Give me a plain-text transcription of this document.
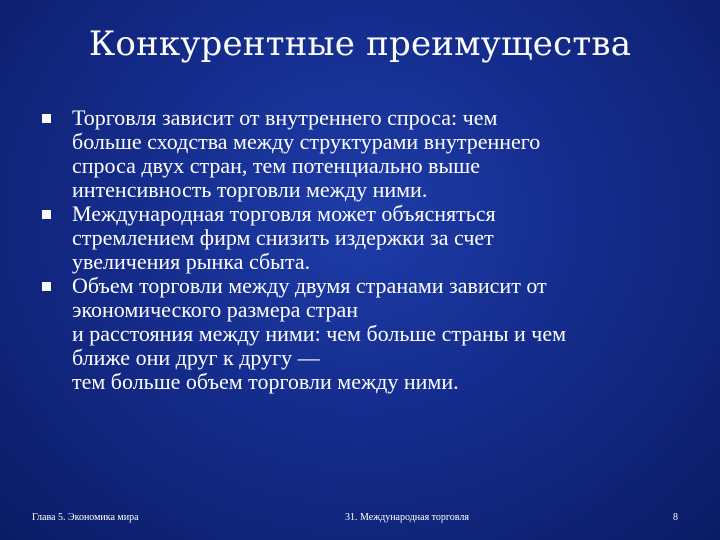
Конкурентные преимущества
Торговля зависит от внутреннего спроса: чем
больше сходства между структурами внутреннего
спроса двух стран, тем потенциально выше
интенсивность торговли между ними.
Международная торговля может объясняться
стремлением фирм снизить издержки за счет
увеличения рынка сбыта.
Объем торговли между двумя странами зависит от
экономического размера стран
и расстояния между ними: чем больше страны и чем
ближе они друг к другу —
тем больше объем торговли между ними.
Глава 5. Экономика мира	31. Международная торговля	8
